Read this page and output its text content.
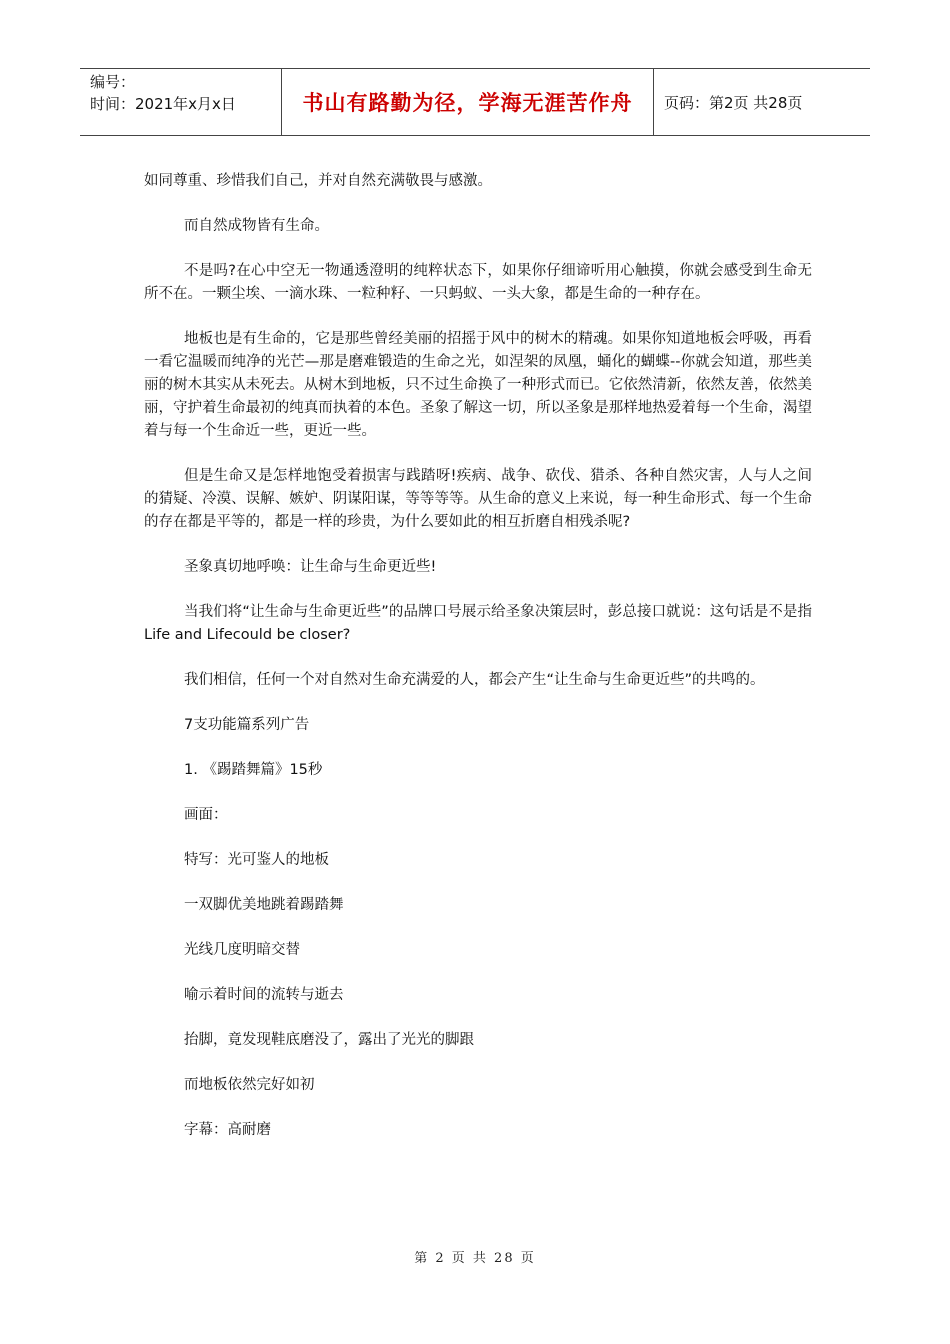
编号：
时间：2021年x月x日	书山有路勤为径，学海无涯苦作舟 页码：第2页 共28页

如同尊重、珍惜我们自己，并对自然充满敬畏与感激。

而自然成物皆有生命。

不是吗?在心中空无一物通透澄明的纯粹状态下，如果你仔细谛听用心触摸，你就会感受到生命无所不在。一颗尘埃、一滴水珠、一粒种籽、一只蚂蚁、一头大象，都是生命的一种存在。

地板也是有生命的，它是那些曾经美丽的招摇于风中的树木的精魂。如果你知道地板会呼吸，再看一看它温暖而纯净的光芒—那是磨难锻造的生命之光，如涅架的凤凰，蛹化的蝴蝶--你就会知道，那些美丽的树木其实从未死去。从树木到地板，只不过生命换了一种形式而已。它依然清新，依然友善，依然美丽，守护着生命最初的纯真而执着的本色。圣象了解这一切，所以圣象是那样地热爱着每一个生命，渴望着与每一个生命近一些，更近一些。

但是生命又是怎样地饱受着损害与践踏呀!疾病、战争、砍伐、猎杀、各种自然灾害，人与人之间的猜疑、冷漠、误解、嫉妒、阴谋阳谋，等等等等。从生命的意义上来说，每一种生命形式、每一个生命的存在都是平等的，都是一样的珍贵，为什么要如此的相互折磨自相残杀呢?

圣象真切地呼唤：让生命与生命更近些!

当我们将“让生命与生命更近些”的品牌口号展示给圣象决策层时，彭总接口就说：这句话是不是指Life and Lifecould be closer?

我们相信，任何一个对自然对生命充满爱的人，都会产生“让生命与生命更近些”的共鸣的。

7支功能篇系列广告

1. 《踢踏舞篇》15秒

画面：

特写：光可鉴人的地板

一双脚优美地跳着踢踏舞

光线几度明暗交替

喻示着时间的流转与逝去

抬脚，竟发现鞋底磨没了，露出了光光的脚跟

而地板依然完好如初

字幕：高耐磨

第 2 页 共 28 页
